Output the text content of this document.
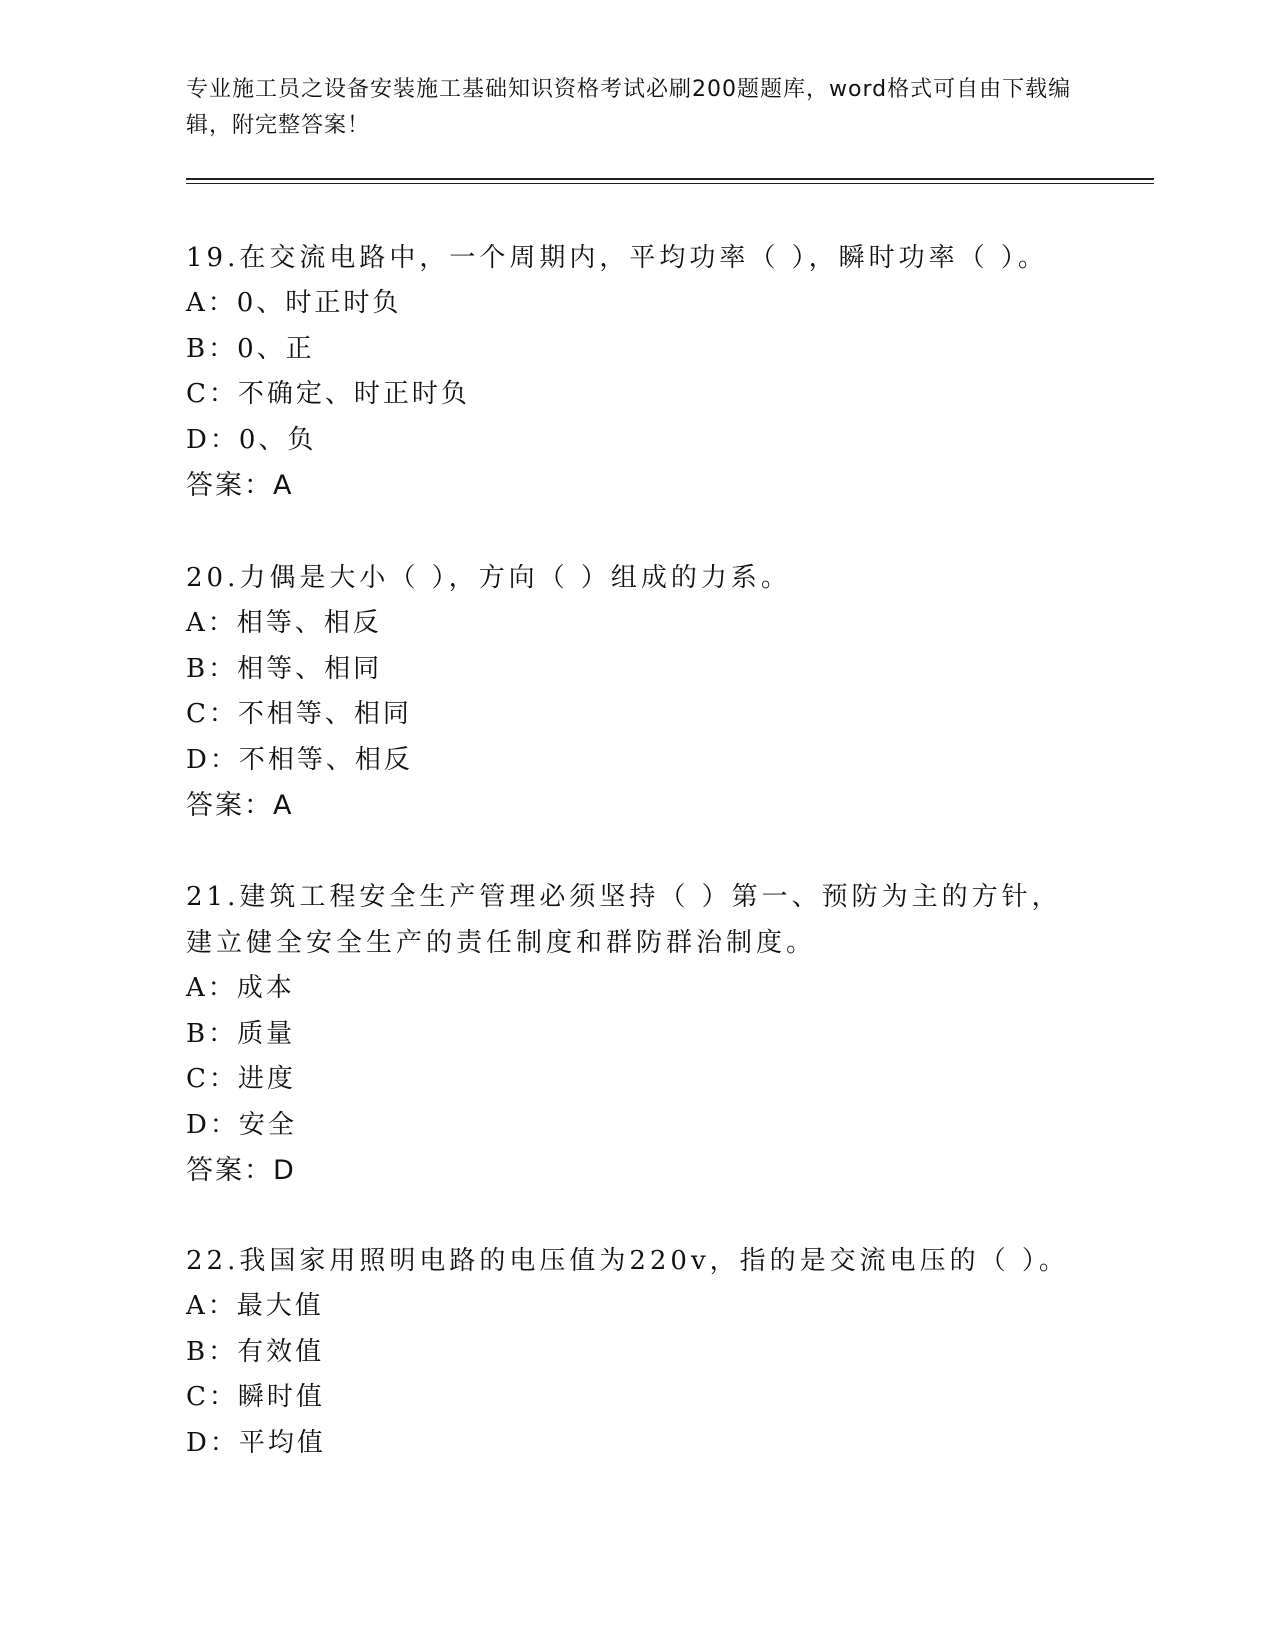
专业施工员之设备安装施工基础知识资格考试必刷200题题库，word格式可自由下载编辑，附完整答案！
19.在交流电路中，一个周期内，平均功率（ ），瞬时功率（ ）。
A：0、时正时负
B：0、正
C：不确定、时正时负
D：0、负
答案：A
20.力偶是大小（ ），方向（ ）组成的力系。
A：相等、相反
B：相等、相同
C：不相等、相同
D：不相等、相反
答案：A
21.建筑工程安全生产管理必须坚持（ ）第一、预防为主的方针，建立健全安全生产的责任制度和群防群治制度。
A：成本
B：质量
C：进度
D：安全
答案：D
22.我国家用照明电路的电压值为220v，指的是交流电压的（ ）。
A：最大值
B：有效值
C：瞬时值
D：平均值
